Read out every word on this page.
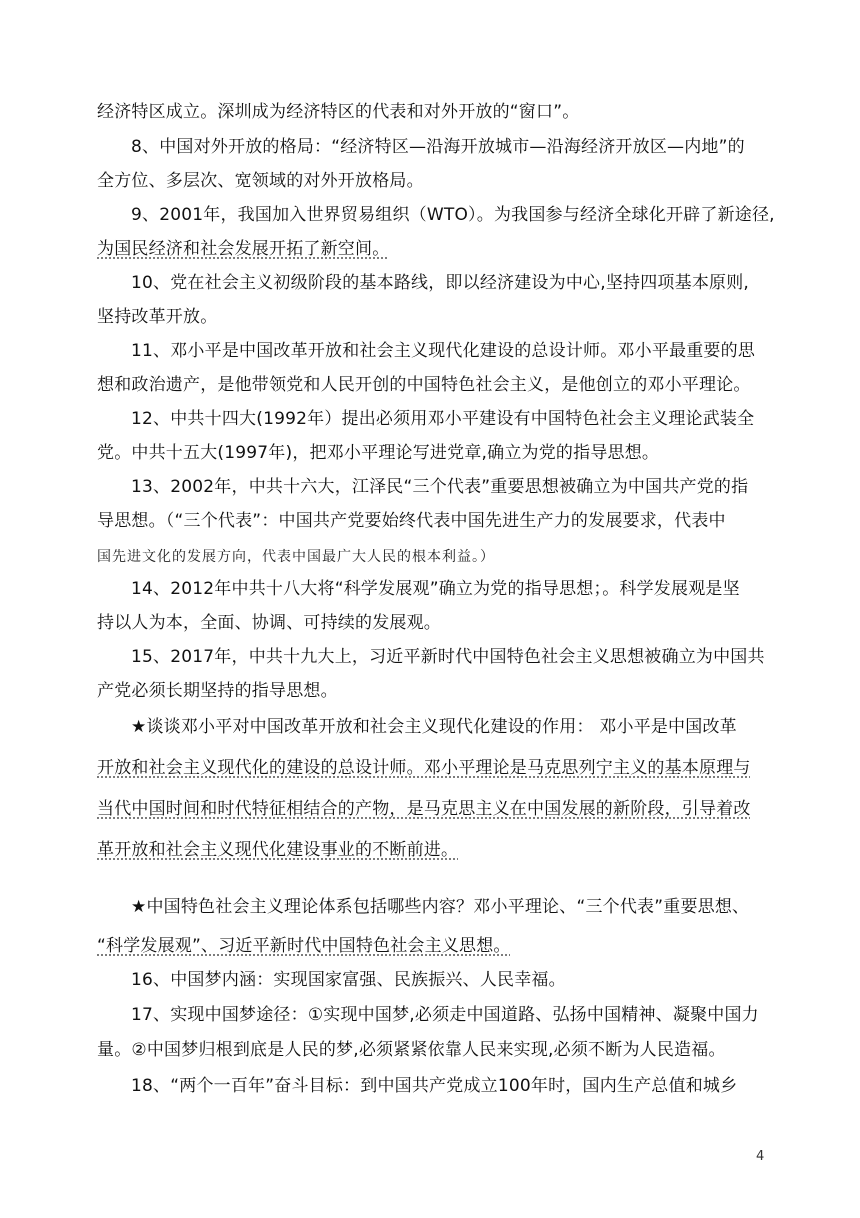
经济特区成立。深圳成为经济特区的代表和对外开放的“窗口”。
8、中国对外开放的格局：“经济特区—沿海开放城市—沿海经济开放区—内地”的
全方位、多层次、宽领域的对外开放格局。
9、2001年，我国加入世界贸易组织（WTO）。为我国参与经济全球化开辟了新途径,
为国民经济和社会发展开拓了新空间。
10、党在社会主义初级阶段的基本路线，即以经济建设为中心,坚持四项基本原则,
坚持改革开放。
11、邓小平是中国改革开放和社会主义现代化建设的总设计师。邓小平最重要的思
想和政治遗产，是他带领党和人民开创的中国特色社会主义，是他创立的邓小平理论。
12、中共十四大(1992年）提出必须用邓小平建设有中国特色社会主义理论武装全
党。中共十五大(1997年)，把邓小平理论写进党章,确立为党的指导思想。
13、2002年，中共十六大，江泽民“三个代表”重要思想被确立为中国共产党的指
导思想。（“三个代表”：中国共产党要始终代表中国先进生产力的发展要求，代表中
国先进文化的发展方向，代表中国最广大人民的根本利益。）
14、2012年中共十八大将“科学发展观”确立为党的指导思想；。科学发展观是坚
持以人为本，全面、协调、可持续的发展观。
15、2017年，中共十九大上，习近平新时代中国特色社会主义思想被确立为中国共
产党必须长期坚持的指导思想。
★谈谈邓小平对中国改革开放和社会主义现代化建设的作用： 邓小平是中国改革
开放和社会主义现代化的建设的总设计师。邓小平理论是马克思列宁主义的基本原理与
当代中国时间和时代特征相结合的产物，是马克思主义在中国发展的新阶段，引导着改
革开放和社会主义现代化建设事业的不断前进。
★中国特色社会主义理论体系包括哪些内容？邓小平理论、“三个代表”重要思想、
“科学发展观”、习近平新时代中国特色社会主义思想。
16、中国梦内涵：实现国家富强、民族振兴、人民幸福。
17、实现中国梦途径：①实现中国梦,必须走中国道路、弘扬中国精神、凝聚中国力
量。②中国梦归根到底是人民的梦,必须紧紧依靠人民来实现,必须不断为人民造福。
18、“两个一百年”奋斗目标：到中国共产党成立100年时，国内生产总值和城乡
4
